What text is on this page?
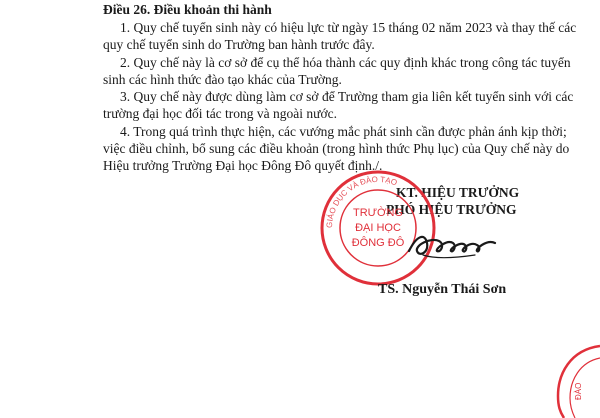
Điều 26. Điều khoản thi hành
1. Quy chế tuyển sinh này có hiệu lực từ ngày 15 tháng 02 năm 2023 và thay thế các
quy chế tuyển sinh do Trường ban hành trước đây.
2. Quy chế này là cơ sở để cụ thể hóa thành các quy định khác trong công tác tuyển
sinh các hình thức đào tạo khác của Trường.
3. Quy chế này được dùng làm cơ sở để Trường tham gia liên kết tuyển sinh với các
trường đại học đối tác trong và ngoài nước.
4. Trong quá trình thực hiện, các vướng mắc phát sinh cần được phản ánh kịp thời;
việc điều chỉnh, bổ sung các điều khoản (trong hình thức Phụ lục) của Quy chế này do
Hiệu trưởng Trường Đại học Đông Đô quyết định./.
KT. HIỆU TRƯỞNG
PHÓ HIỆU TRƯỞNG
GIÁO DỤC VÀ ĐÀO TẠO
TRƯỜNG
ĐẠI HỌC
ĐÔNG ĐÔ
TS. Nguyễn Thái Sơn
ĐÀO
